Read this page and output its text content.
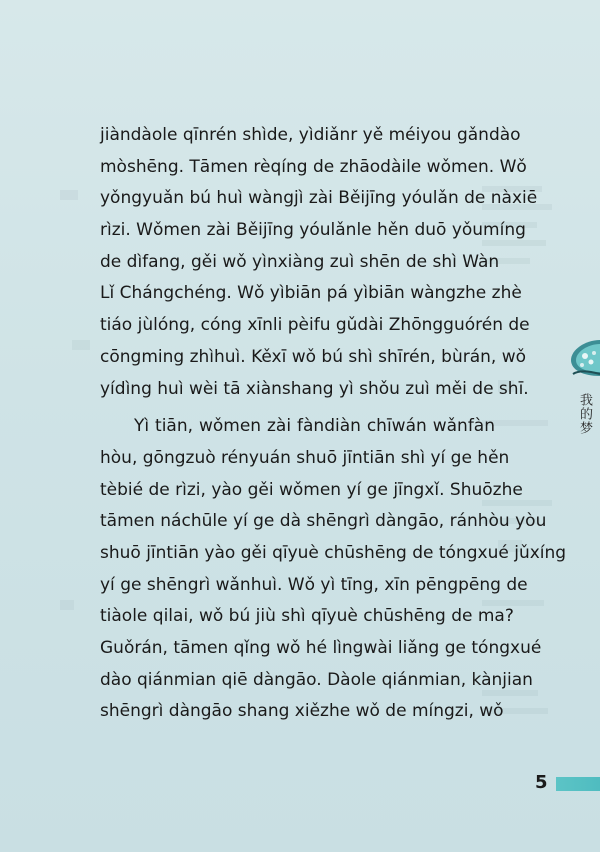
jiàndàole qīnrén shìde, yìdiǎnr yě méiyou gǎndào
mòshēng. Tāmen rèqíng de zhāodàile wǒmen. Wǒ
yǒngyuǎn bú huì wàngjì zài Běijīng yóulǎn de nàxiē
rìzi. Wǒmen zài Běijīng yóulǎnle hěn duō yǒumíng
de dìfang, gěi wǒ yìnxiàng zuì shēn de shì Wàn
Lǐ Chángchéng. Wǒ yìbiān pá yìbiān wàngzhe zhè
tiáo jùlóng, cóng xīnli pèifu gǔdài Zhōngguórén de
cōngming zhìhuì. Kěxī wǒ bú shì shīrén, bùrán, wǒ
yídìng huì wèi tā xiànshang yì shǒu zuì měi de shī.
Yì tiān, wǒmen zài fàndiàn chīwán wǎnfàn
hòu, gōngzuò rényuán shuō jīntiān shì yí ge hěn
tèbié de rìzi, yào gěi wǒmen yí ge jīngxǐ. Shuōzhe
tāmen náchūle yí ge dà shēngrì dàngāo, ránhòu yòu
shuō jīntiān yào gěi qīyuè chūshēng de tóngxué jǔxíng
yí ge shēngrì wǎnhuì. Wǒ yì tīng, xīn pēngpēng de
tiàole qilai, wǒ bú jiù shì qīyuè chūshēng de ma?
Guǒrán, tāmen qǐng wǒ hé lìngwài liǎng ge tóngxué
dào qiánmian qiē dàngāo. Dàole qiánmian, kànjian
shēngrì dàngāo shang xiězhe wǒ de míngzi, wǒ
我的梦
5
